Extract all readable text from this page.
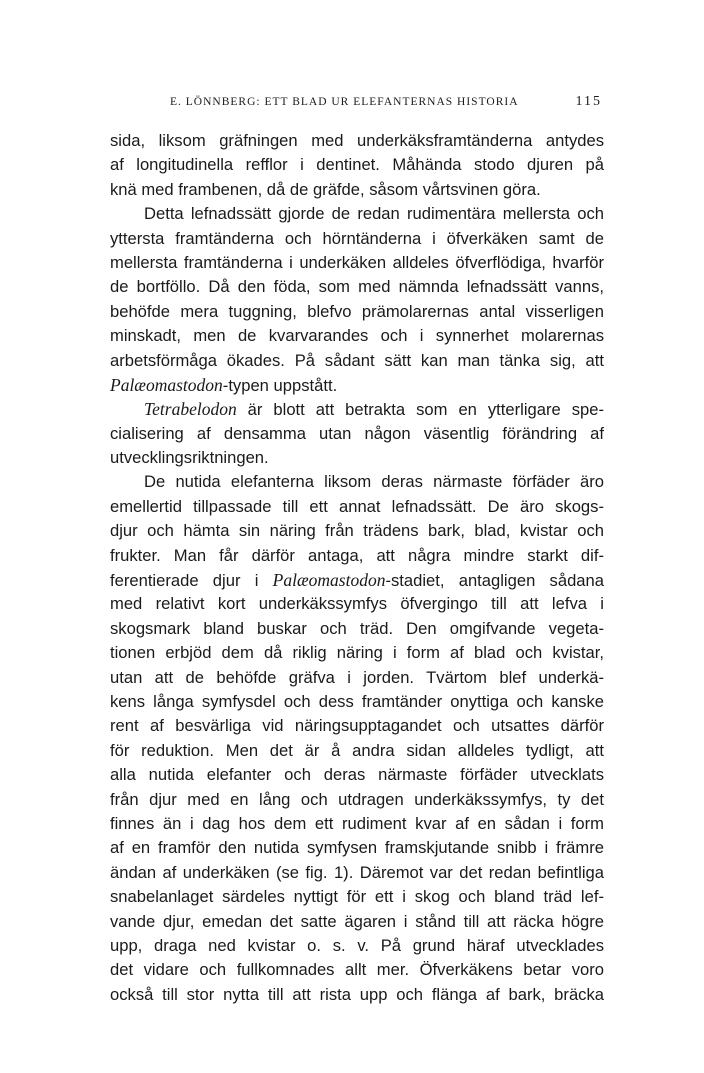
E. LÖNNBERG: ETT BLAD UR ELEFANTERNAS HISTORIA	115
sida, liksom gräfningen med underkäksframtänderna antydes
af longitudinella refflor i dentinet. Måhända stodo djuren på
knä med frambenen, då de gräfde, såsom vårtsvinen göra.
Detta lefnadssätt gjorde de redan rudimentära mellersta och
yttersta framtänderna och hörntänderna i öfverkäken samt de
mellersta framtänderna i underkäken alldeles öfverflödiga, hvarför
de bortföllo. Då den föda, som med nämnda lefnadssätt vanns,
behöfde mera tuggning, blefvo prämolarernas antal visserligen
minskadt, men de kvarvarandes och i synnerhet molarernas
arbetsförmåga ökades. På sådant sätt kan man tänka sig, att
Palæomastodon-typen uppstått.
Tetrabelodon är blott att betrakta som en ytterligare spe-
cialisering af densamma utan någon väsentlig förändring af
utvecklingsriktningen.
De nutida elefanterna liksom deras närmaste förfäder äro
emellertid tillpassade till ett annat lefnadssätt. De äro skogs-
djur och hämta sin näring från trädens bark, blad, kvistar och
frukter. Man får därför antaga, att några mindre starkt dif-
ferentierade djur i Palæomastodon-stadiet, antagligen sådana
med relativt kort underkäkssymfys öfvergingo till att lefva i
skogsmark bland buskar och träd. Den omgifvande vegeta-
tionen erbjöd dem då riklig näring i form af blad och kvistar,
utan att de behöfde gräfva i jorden. Tvärtom blef underkä-
kens långa symfysdel och dess framtänder onyttiga och kanske
rent af besvärliga vid näringsupptagandet och utsattes därför
för reduktion. Men det är å andra sidan alldeles tydligt, att
alla nutida elefanter och deras närmaste förfäder utvecklats
från djur med en lång och utdragen underkäkssymfys, ty det
finnes än i dag hos dem ett rudiment kvar af en sådan i form
af en framför den nutida symfysen framskjutande snibb i främre
ändan af underkäken (se fig. 1). Däremot var det redan befintliga
snabelanlaget särdeles nyttigt för ett i skog och bland träd lef-
vande djur, emedan det satte ägaren i stånd till att räcka högre
upp, draga ned kvistar o. s. v. På grund häraf utvecklades
det vidare och fullkomnades allt mer. Öfverkäkens betar voro
också till stor nytta till att rista upp och flänga af bark, bräcka
